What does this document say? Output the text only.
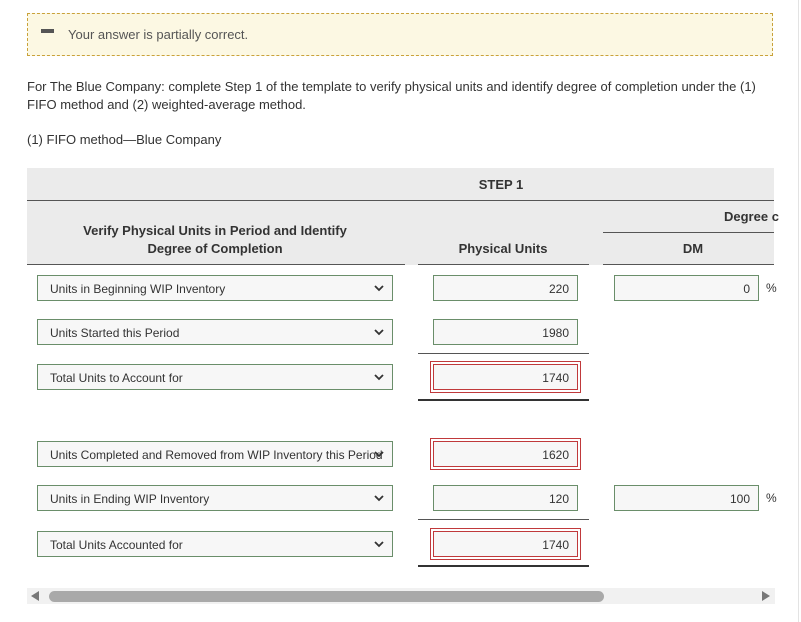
Your answer is partially correct.
For The Blue Company: complete Step 1 of the template to verify physical units and identify degree of completion under the (1) FIFO method and (2) weighted-average method.
(1) FIFO method—Blue Company
STEP 1
Degree c
Verify Physical Units in Period and Identify Degree of Completion	Physical Units	DM
Units in Beginning WIP Inventory	220	0	%
Units Started this Period	1980
Total Units to Account for	1740
Units Completed and Removed from WIP Inventory this Period	1620
Units in Ending WIP Inventory	120	100	%
Total Units Accounted for	1740
